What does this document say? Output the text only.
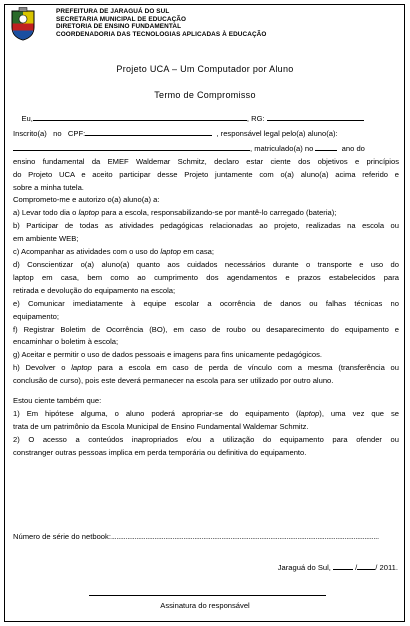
PREFEITURA DE JARAGUÁ DO SUL
SECRETARIA MUNICIPAL DE EDUCAÇÃO
DIRETORIA DE ENSINO FUNDAMENTAL
COORDENADORIA DAS TECNOLOGIAS APLICADAS À EDUCAÇÃO
Projeto UCA – Um Computador por Aluno
Termo de Compromisso
Eu,	, RG:
Inscrito(a) no CPF:	, responsável legal pelo(a) aluno(a):
, matriculado(a) no	ano do
ensino fundamental da EMEF Waldemar Schmitz, declaro estar ciente dos objetivos e princípios
do Projeto UCA e aceito participar desse Projeto juntamente com o(a) aluno(a) acima referido e
sobre a minha tutela.
Comprometo-me e autorizo o(a) aluno(a) a:
a) Levar todo dia o laptop para a escola, responsabilizando-se por mantê-lo carregado (bateria);
b) Participar de todas as atividades pedagógicas relacionadas ao projeto, realizadas na escola ou
em ambiente WEB;
c) Acompanhar as atividades com o uso do laptop em casa;
d) Conscientizar o(a) aluno(a) quanto aos cuidados necessários durante o transporte e uso do
laptop em casa, bem como ao cumprimento dos agendamentos e prazos estabelecidos para
retirada e devolução do equipamento na escola;
e) Comunicar imediatamente à equipe escolar a ocorrência de danos ou falhas técnicas no
equipamento;
f) Registrar Boletim de Ocorrência (BO), em caso de roubo ou desaparecimento do equipamento e
encaminhar o boletim à escola;
g) Aceitar e permitir o uso de dados pessoais e imagens para fins unicamente pedagógicos.
h) Devolver o laptop para a escola em caso de perda de vínculo com a mesma (transferência ou
conclusão de curso), pois este deverá permanecer na escola para ser utilizado por outro aluno.
Estou ciente também que:
1) Em hipótese alguma, o aluno poderá apropriar-se do equipamento (laptop), uma vez que se
trata de um patrimônio da Escola Municipal de Ensino Fundamental Waldemar Schmitz.
2) O acesso a conteúdos inapropriados e/ou a utilização do equipamento para ofender ou
constranger outras pessoas implica em perda temporária ou definitiva do equipamento.
Número de série do netbook:....................................................................................................................................................
Jaraguá do Sul,	/ / 2011.
Assinatura do responsável
